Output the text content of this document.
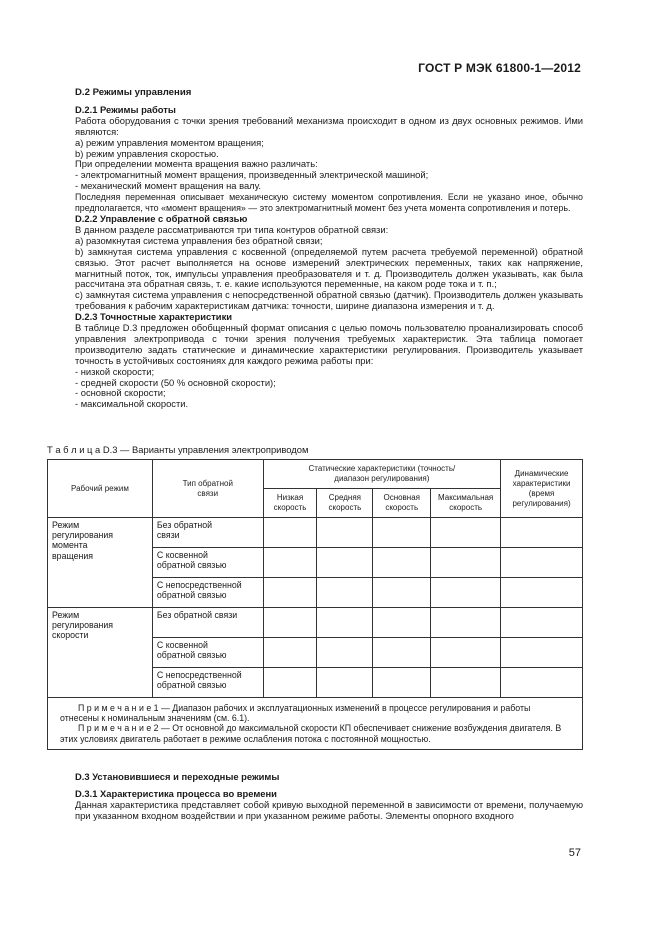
ГОСТ Р МЭК 61800-1—2012
D.2 Режимы управления
D.2.1 Режимы работы

Работа оборудования с точки зрения требований механизма происходит в одном из двух основных режимов. Ими являются:

a) режим управления моментом вращения;

b) режим управления скоростью.

При определении момента вращения важно различать:

- электромагнитный момент вращения, произведенный электрической машиной;

- механический момент вращения на валу.

Последняя переменная описывает механическую систему моментом сопротивления. Если не указано иное, обычно предполагается, что «момент вращения» — это электромагнитный момент без учета момента сопротивления и потерь.

D.2.2 Управление с обратной связью

В данном разделе рассматриваются три типа контуров обратной связи:

a) разомкнутая система управления без обратной связи;

b) замкнутая система управления с косвенной (определяемой путем расчета требуемой переменной) обратной связью. Этот расчет выполняется на основе измерений электрических переменных, таких как напряжение, магнитный поток, ток, импульсы управления преобразователя и т. д. Производитель должен указывать, как была рассчитана эта обратная связь, т. е. какие используются переменные, на каком роде тока и т. п.;

c) замкнутая система управления с непосредственной обратной связью (датчик). Производитель должен указывать требования к рабочим характеристикам датчика: точности, ширине диапазона измерения и т. д.

D.2.3 Точностные характеристики

В таблице D.3 предложен обобщенный формат описания с целью помочь пользователю проанализировать способ управления электропривода с точки зрения получения требуемых характеристик. Эта таблица помогает производителю задать статические и динамические характеристики регулирования. Производитель указывает точность в устойчивых состояниях для каждого режима работы при:

- низкой скорости;

- средней скорости (50 % основной скорости);

- основной скорости;

- максимальной скорости.

Т а б л и ц а D.3 — Варианты управления электроприводом
Рабочий режим	Тип обратной связи	Статические характеристики (точность/диапазон регулирования)				Динамические характеристики (время регулирования)
		Низкая скорость	Средняя скорость	Основная скорость	Максимальная скорость	
Режим регулирования момента вращения	Без обратной связи					
	С косвенной обратной связью					
	С непосредственной обратной связью					
Режим регулирования скорости	Без обратной связи					
	С косвенной обратной связью					
	С непосредственной обратной связью					

П р и м е ч а н и е 1 — Диапазон рабочих и эксплуатационных изменений в процессе регулирования и работы отнесены к номинальным значениям (см. 6.1).
П р и м е ч а н и е 2 — От основной до максимальной скорости КП обеспечивает снижение возбуждения двигателя. В этих условиях двигатель работает в режиме ослабления потока с постоянной мощностью.						
D.3 Установившиеся и переходные режимы
D.3.1 Характеристика процесса во времени

Данная характеристика представляет собой кривую выходной переменной в зависимости от времени, получаемую при указанном входном воздействии и при указанном режиме работы. Элементы опорного входного

57
